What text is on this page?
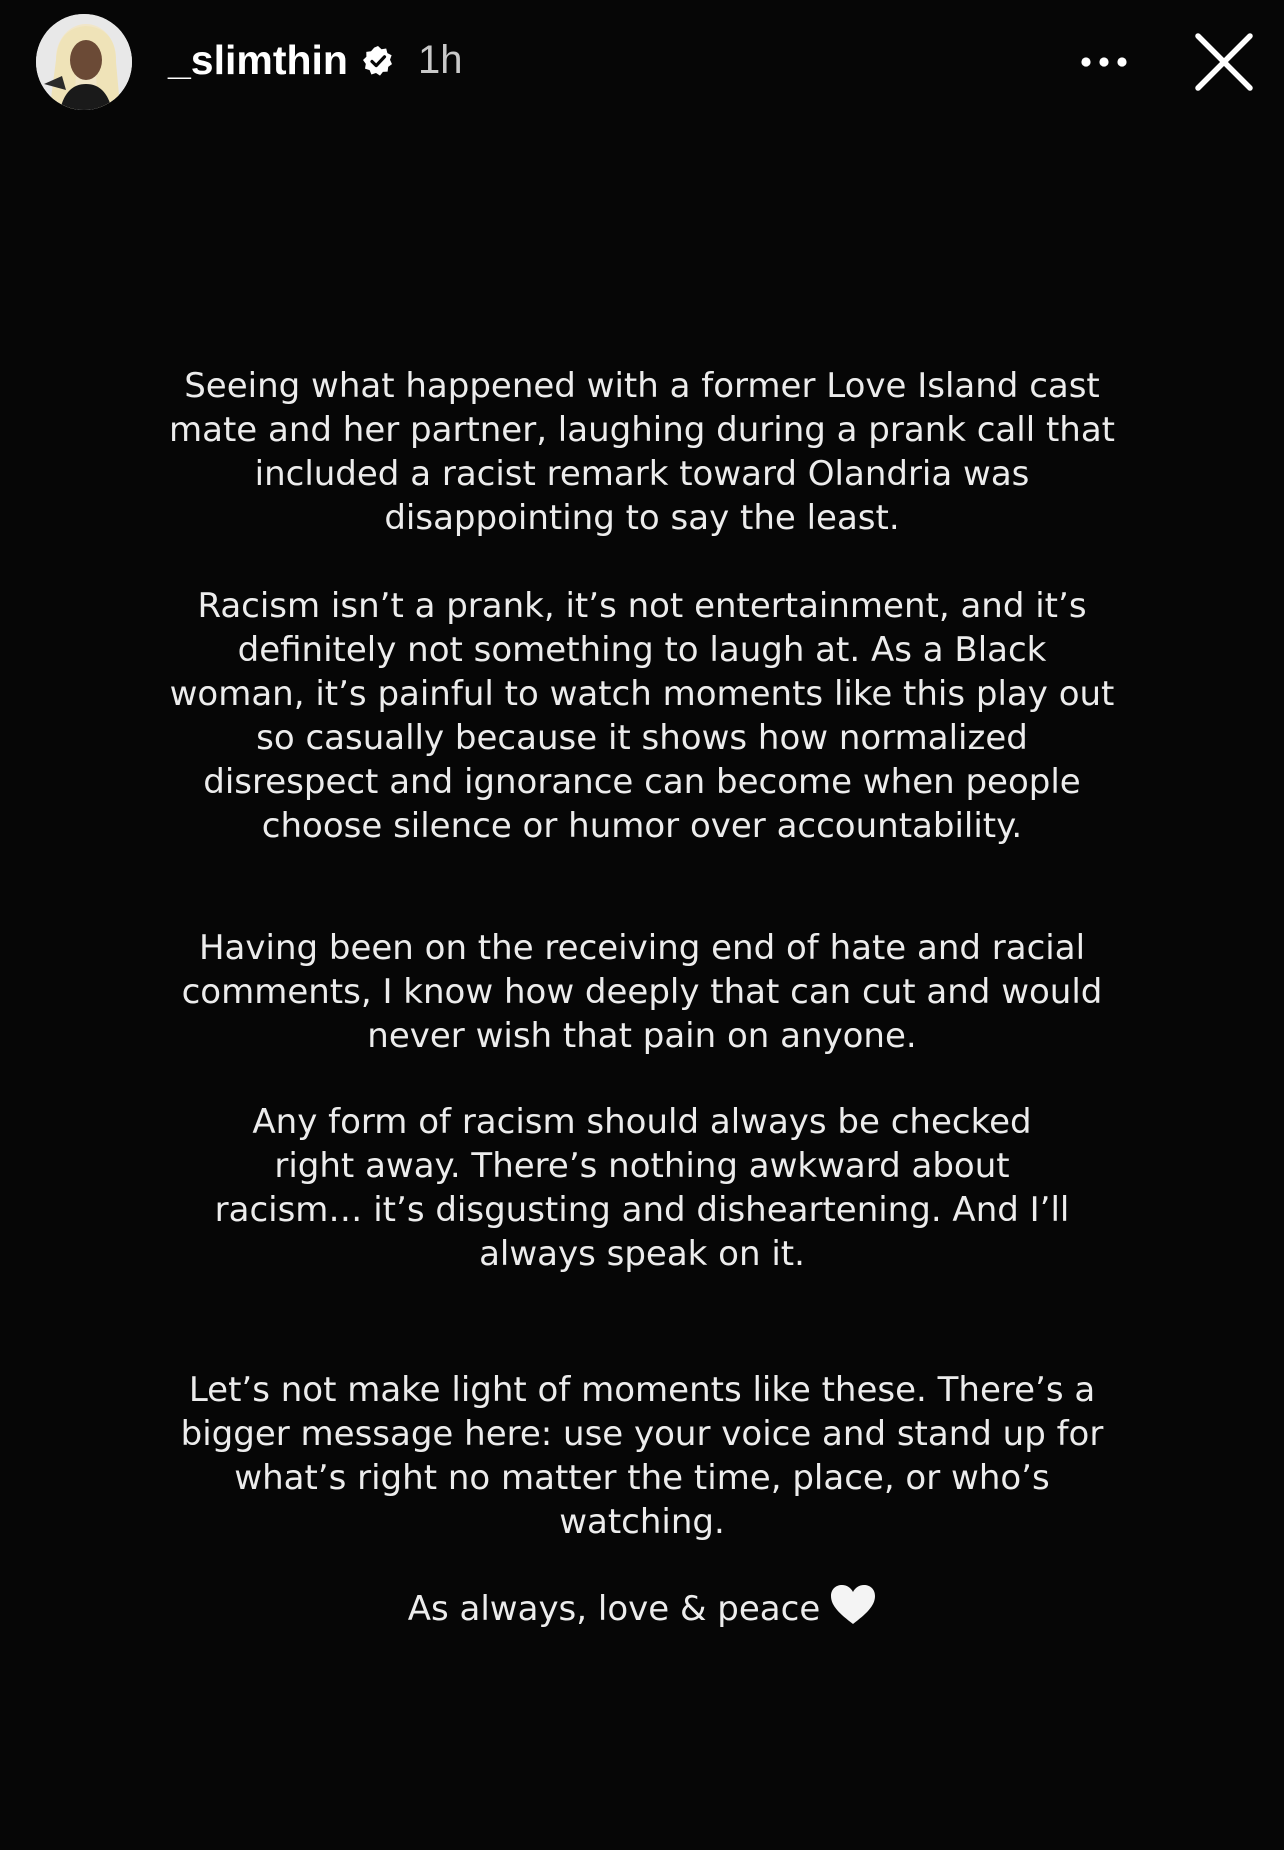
_slimthin 1h

Seeing what happened with a former Love Island cast mate and her partner, laughing during a prank call that included a racist remark toward Olandria was disappointing to say the least.

Racism isn’t a prank, it’s not entertainment, and it’s definitely not something to laugh at. As a Black woman, it’s painful to watch moments like this play out so casually because it shows how normalized disrespect and ignorance can become when people choose silence or humor over accountability.

Having been on the receiving end of hate and racial comments, I know how deeply that can cut and would never wish that pain on anyone.

Any form of racism should always be checked right away. There’s nothing awkward about racism… it’s disgusting and disheartening. And I’ll always speak on it.

Let’s not make light of moments like these. There’s a bigger message here: use your voice and stand up for what’s right no matter the time, place, or who’s watching.

As always, love & peace
